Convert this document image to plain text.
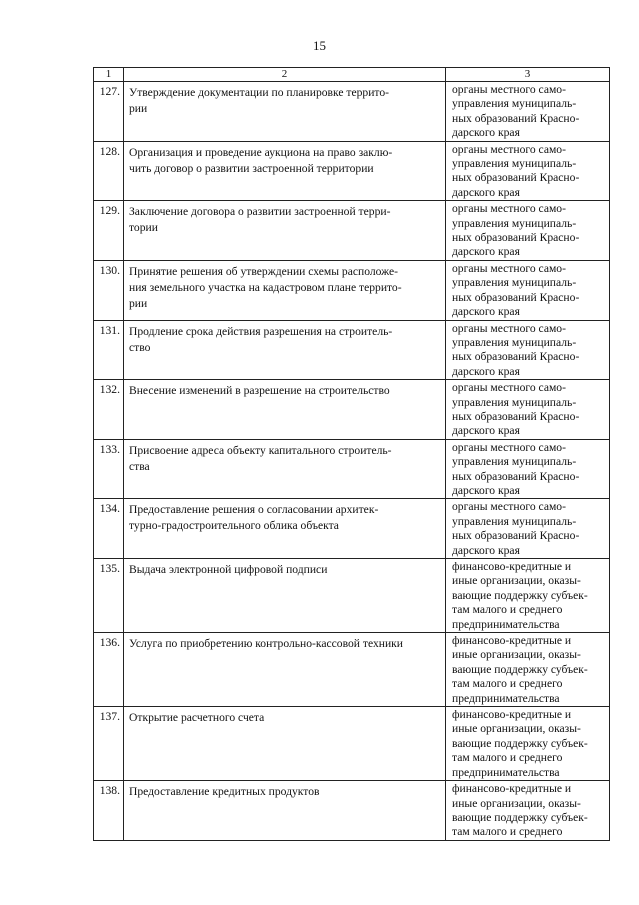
15
1	2	3
127.	Утверждение документации по планировке террито-
рии	органы местного само-
управления муниципаль-
ных образований Красно-
дарского края
128.	Организация и проведение аукциона на право заклю-
чить договор о развитии застроенной территории	органы местного само-
управления муниципаль-
ных образований Красно-
дарского края
129.	Заключение договора о развитии застроенной терри-
тории	органы местного само-
управления муниципаль-
ных образований Красно-
дарского края
130.	Принятие решения об утверждении схемы расположе-
ния земельного участка на кадастровом плане террито-
рии	органы местного само-
управления муниципаль-
ных образований Красно-
дарского края
131.	Продление срока действия разрешения на строитель-
ство	органы местного само-
управления муниципаль-
ных образований Красно-
дарского края
132.	Внесение изменений в разрешение на строительство	органы местного само-
управления муниципаль-
ных образований Красно-
дарского края
133.	Присвоение адреса объекту капитального строитель-
ства	органы местного само-
управления муниципаль-
ных образований Красно-
дарского края
134.	Предоставление решения о согласовании архитек-
турно-градостроительного облика объекта	органы местного само-
управления муниципаль-
ных образований Красно-
дарского края
135.	Выдача электронной цифровой подписи	финансово-кредитные и
иные организации, оказы-
вающие поддержку субъек-
там малого и среднего
предпринимательства
136.	Услуга по приобретению контрольно-кассовой техники	финансово-кредитные и
иные организации, оказы-
вающие поддержку субъек-
там малого и среднего
предпринимательства
137.	Открытие расчетного счета	финансово-кредитные и
иные организации, оказы-
вающие поддержку субъек-
там малого и среднего
предпринимательства
138.	Предоставление кредитных продуктов	финансово-кредитные и
иные организации, оказы-
вающие поддержку субъек-
там малого и среднего
